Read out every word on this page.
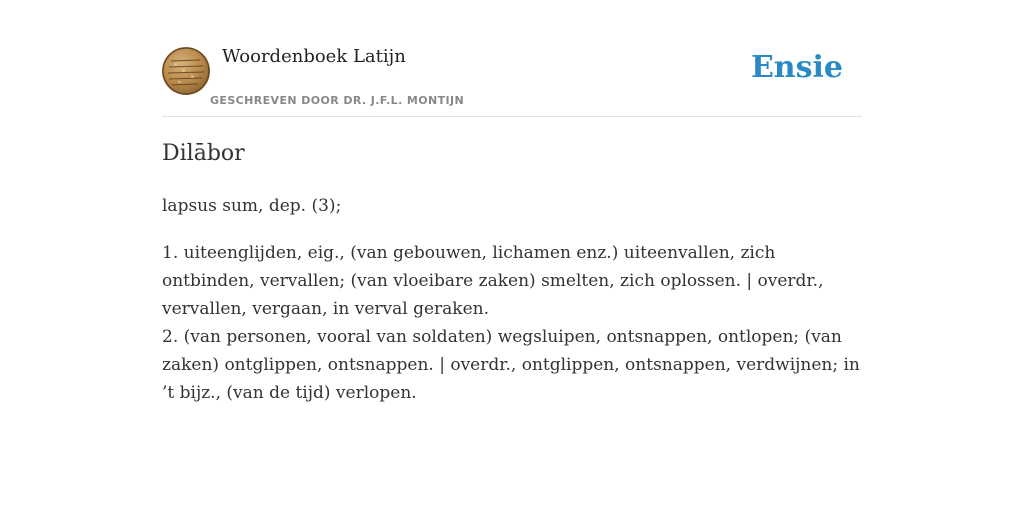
Woordenboek Latijn
GESCHREVEN DOOR DR. J.F.L. MONTIJN
Ensie
Dilābor

lapsus sum, dep. (3);

1. uiteenglijden, eig., (van gebouwen, lichamen enz.) uiteenvallen, zich ontbinden, vervallen; (van vloeibare zaken) smelten, zich oplossen. | overdr., vervallen, vergaan, in verval geraken.

2. (van personen, vooral van soldaten) wegsluipen, ontsnappen, ontlopen; (van zaken) ontglippen, ontsnappen. | overdr., ontglippen, ontsnappen, verdwijnen; in ’t bijz., (van de tijd) verlopen.
